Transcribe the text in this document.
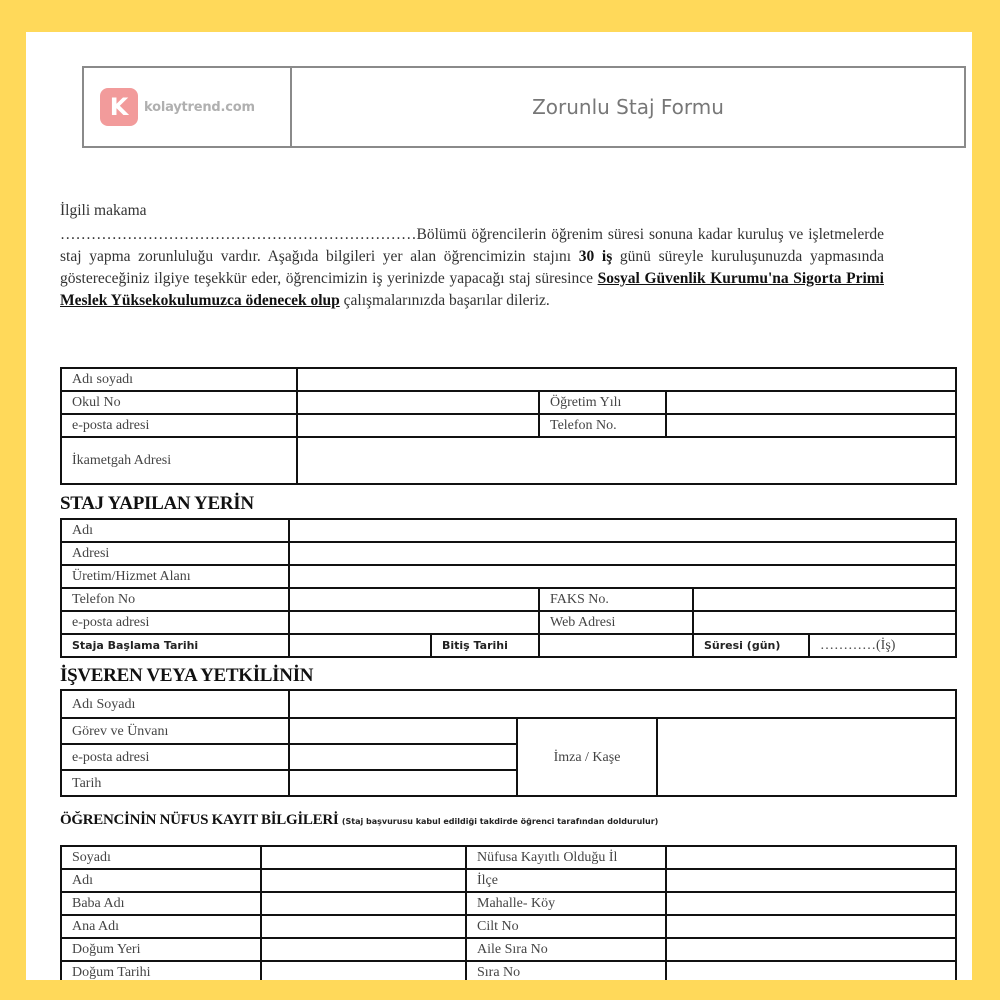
K	kolaytrend.com	Zorunlu Staj Formu
İlgili makama
……………………………………………………………Bölümü öğrencilerin öğrenim süresi sonuna kadar kuruluş ve işletmelerde staj yapma zorunluluğu vardır. Aşağıda bilgileri yer alan öğrencimizin stajını 30 iş günü süreyle kuruluşunuzda yapmasında göstereceğiniz ilgiye teşekkür eder, öğrencimizin iş yerinizde yapacağı staj süresince Sosyal Güvenlik Kurumu'na Sigorta Primi Meslek Yüksekokulumuzca ödenecek olup çalışmalarınızda başarılar dileriz.
Adı soyadı			
Okul No		Öğretim Yılı	
e-posta adresi		Telefon No.	
İkametgah Adresi			
STAJ YAPILAN YERİN
Adı					
Adresi					
Üretim/Hizmet Alanı					
Telefon No			FAKS No.		
e-posta adresi			Web Adresi		
Staja Başlama Tarihi		Bitiş Tarihi		Süresi (gün)	…………(İş)
İŞVEREN VEYA YETKİLİNİN
Adı Soyadı			
Görev ve Ünvanı		İmza / Kaşe	
e-posta adresi			
Tarih			
ÖĞRENCİNİN NÜFUS KAYIT BİLGİLERİ (Staj başvurusu kabul edildiği takdirde öğrenci tarafından doldurulur)
Soyadı		Nüfusa Kayıtlı Olduğu İl	
Adı		İlçe	
Baba Adı		Mahalle- Köy	
Ana Adı		Cilt No	
Doğum Yeri		Aile Sıra No	
Doğum Tarihi		Sıra No	
